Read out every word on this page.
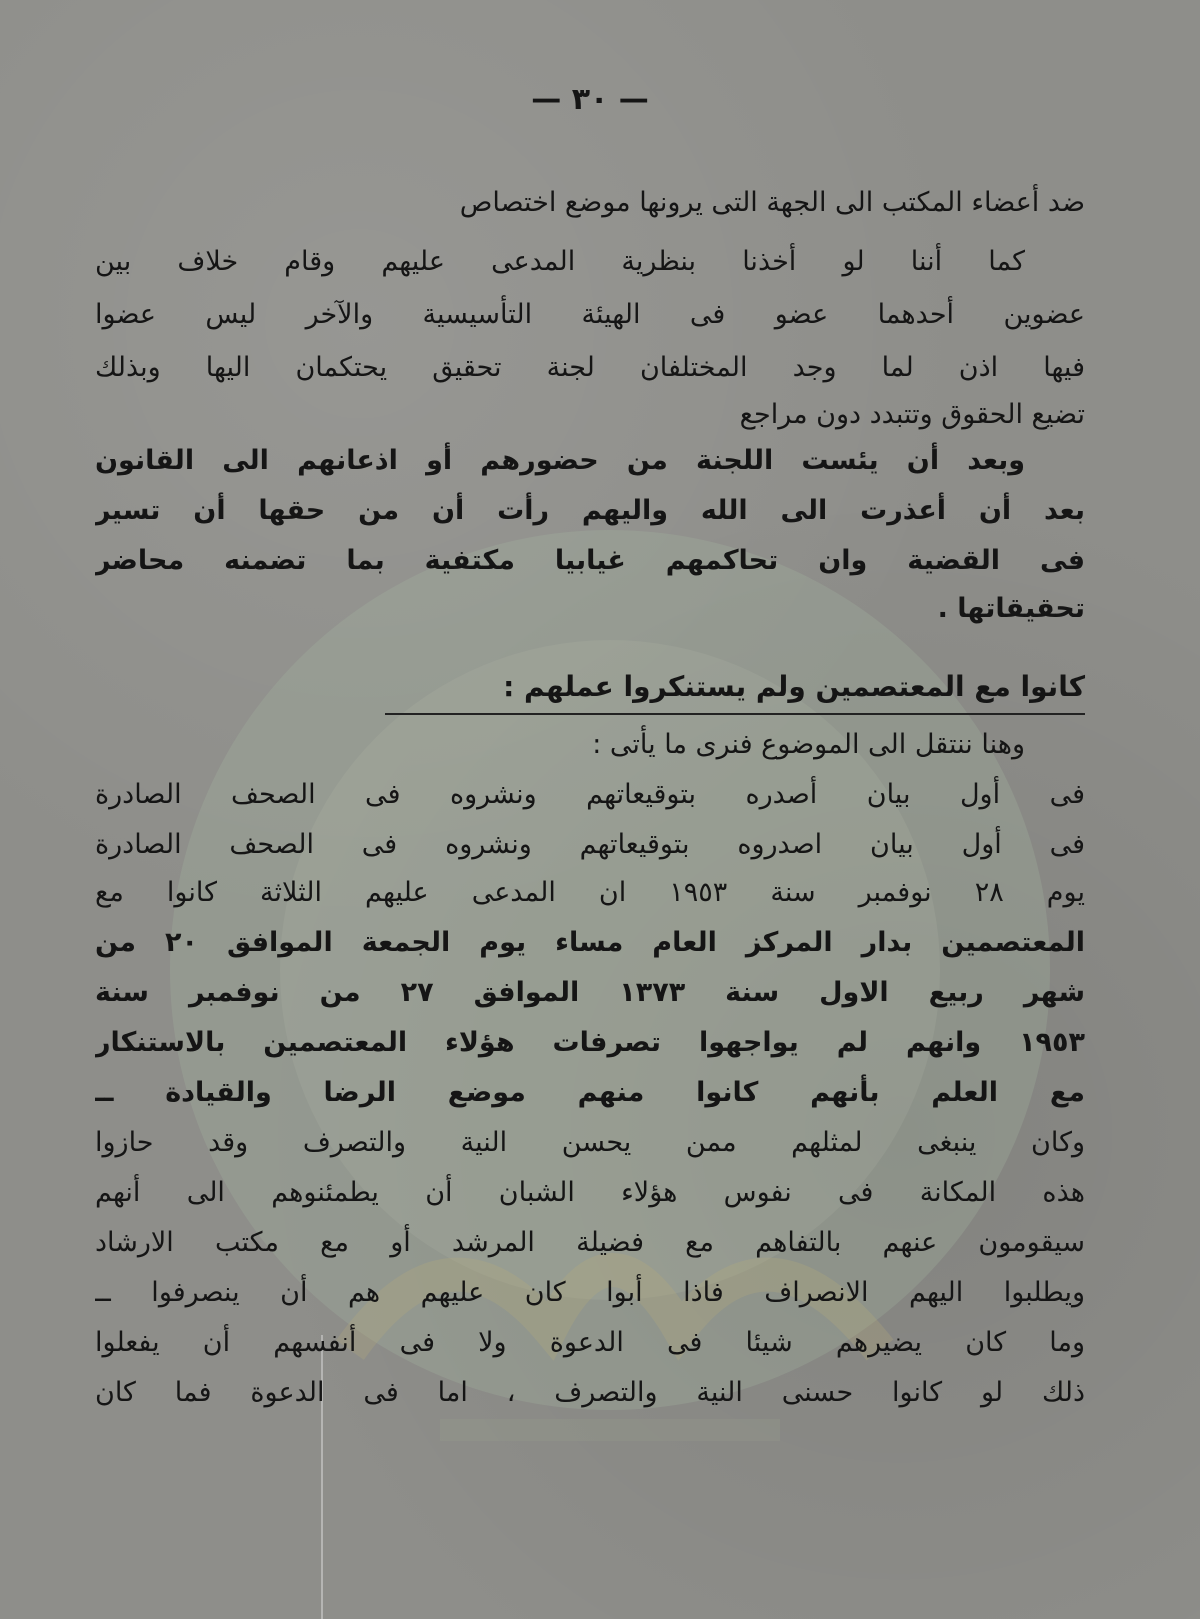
— ٣٠ —
ضد أعضاء المكتب الى الجهة التى يرونها موضع اختصاص
كما أننا لو أخذنا بنظرية المدعى عليهم وقام خلاف بين
عضوين أحدهما عضو فى الهيئة التأسيسية والآخر ليس عضوا
فيها اذن لما وجد المختلفان لجنة تحقيق يحتكمان اليها وبذلك
تضيع الحقوق وتتبدد دون مراجع
وبعد أن يئست اللجنة من حضورهم أو اذعانهم الى القانون
بعد أن أعذرت الى الله واليهم رأت أن من حقها أن تسير
فى القضية وان تحاكمهم غيابيا مكتفية بما تضمنه محاضر
تحقيقاتها .
كانوا مع المعتصمين ولم يستنكروا عملهم :
وهنا ننتقل الى الموضوع فنرى ما يأتى :
فى أول بيان أصدره بتوقيعاتهم ونشروه فى الصحف الصادرة
فى أول بيان اصدروه بتوقيعاتهم ونشروه فى الصحف الصادرة
يوم ٢٨ نوفمبر سنة ١٩٥٣ ان المدعى عليهم الثلاثة كانوا مع
المعتصمين بدار المركز العام مساء يوم الجمعة الموافق ٢٠ من
شهر ربيع الاول سنة ١٣٧٣ الموافق ٢٧ من نوفمبر سنة
١٩٥٣ وانهم لم يواجهوا تصرفات هؤلاء المعتصمين بالاستنكار
مع العلم بأنهم كانوا منهم موضع الرضا والقيادة ــ
وكان ينبغى لمثلهم ممن يحسن النية والتصرف وقد حازوا
هذه المكانة فى نفوس هؤلاء الشبان أن يطمئنوهم الى أنهم
سيقومون عنهم بالتفاهم مع فضيلة المرشد أو مع مكتب الارشاد
ويطلبوا اليهم الانصراف فاذا أبوا كان عليهم هم أن ينصرفوا ــ
وما كان يضيرهم شيئا فى الدعوة ولا فى أنفسهم أن يفعلوا
ذلك لو كانوا حسنى النية والتصرف ، اما فى الدعوة فما كان
